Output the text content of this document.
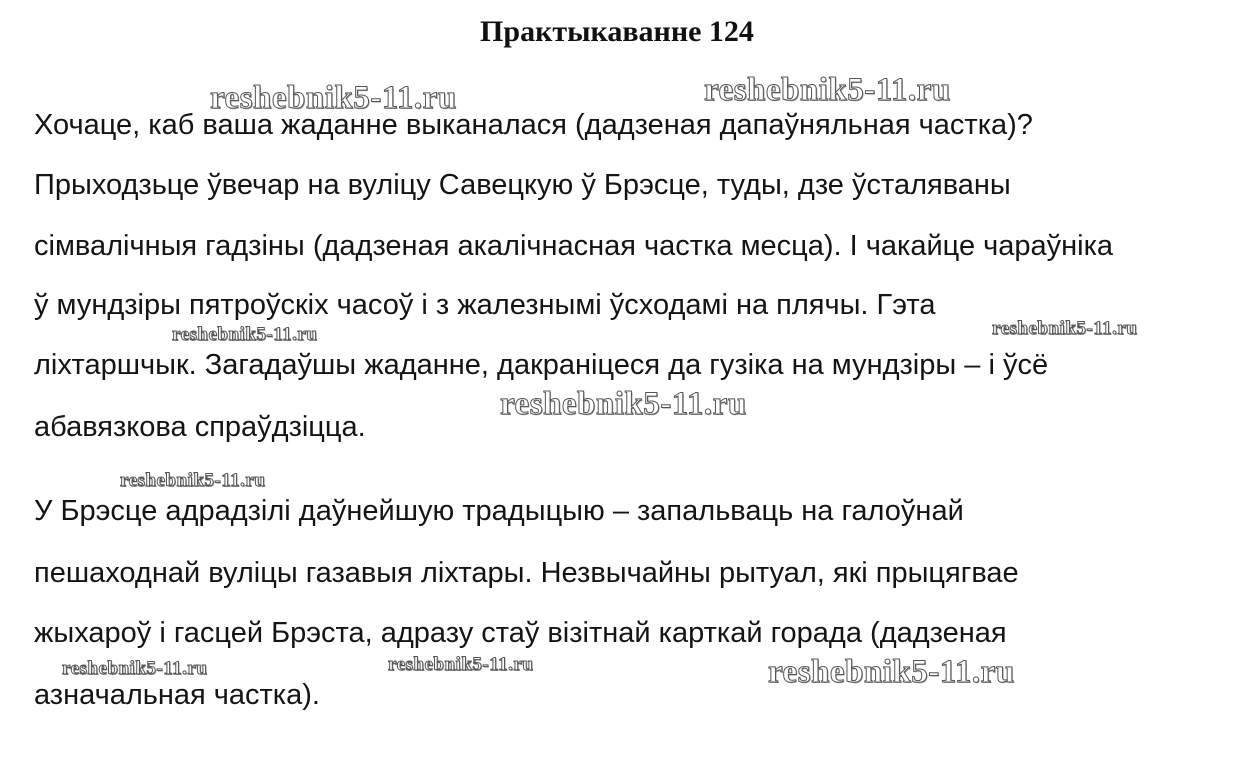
Практыкаванне 124
Хочаце, каб ваша жаданне выканалася (дадзеная дапаўняльная частка)?
Прыходзьце ўвечар на вуліцу Савецкую ў Брэсце, туды, дзе ўсталяваны
сімвалічныя гадзіны (дадзеная акалічнасная частка месца). І чакайце чараўніка
ў мундзіры пятроўскіх часоў і з жалезнымі ўсходамі на плячы. Гэта
ліхтаршчык. Загадаўшы жаданне, дакраніцеся да гузіка на мундзіры – і ўсё
абавязкова спраўдзіцца.
У Брэсце адрадзілі даўнейшую традыцыю – запальваць на галоўнай
пешаходнай вуліцы газавыя ліхтары. Незвычайны рытуал, які прыцягвае
жыхароў і гасцей Брэста, адразу стаў візітнай карткай горада (дадзеная
азначальная частка).
reshebnik5-11.ru	reshebnik5-11.ru
reshebnik5-11.ru	reshebnik5-11.ru
reshebnik5-11.ru
reshebnik5-11.ru
reshebnik5-11.ru	reshebnik5-11.ru	reshebnik5-11.ru
